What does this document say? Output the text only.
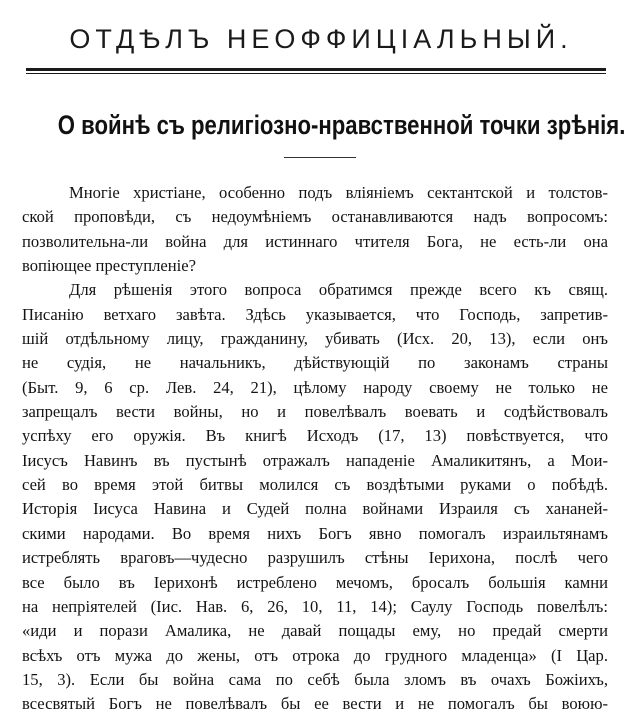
ОТДѢЛЪ НЕОФФИЦІАЛЬНЫЙ.
О войнѣ съ религіозно-нравственной точки зрѣнія.
Многіе христіане, особенно подъ вліяніемъ сектантской и толстов-
ской проповѣди, съ недоумѣніемъ останавливаются надъ вопросомъ:
позволительна-ли война для истиннаго чтителя Бога, не есть-ли она
вопіющее преступленіе?
Для рѣшенія этого вопроса обратимся прежде всего къ свящ.
Писанію ветхаго завѣта. Здѣсь указывается, что Господь, запретив-
шій отдѣльному лицу, гражданину, убивать (Исх. 20, 13), если онъ
не судія, не начальникъ, дѣйствующій по законамъ страны
(Быт. 9, 6 ср. Лев. 24, 21), цѣлому народу своему не только не
запрещалъ вести войны, но и повелѣвалъ воевать и содѣйствовалъ
успѣху его оружія. Въ книгѣ Исходъ (17, 13) повѣствуется, что
Іисусъ Навинъ въ пустынѣ отражалъ нападеніе Амаликитянъ, а Мои-
сей во время этой битвы молился съ воздѣтыми руками о побѣдѣ.
Исторія Іисуса Навина и Судей полна войнами Израиля съ хананей-
скими народами. Во время нихъ Богъ явно помогалъ израильтянамъ
истреблять враговъ—чудесно разрушилъ стѣны Іерихона, послѣ чего
все было въ Іерихонѣ истреблено мечомъ, бросалъ большія камни
на непріятелей (Іис. Нав. 6, 26, 10, 11, 14); Саулу Господь повелѣлъ:
«иди и порази Амалика, не давай пощады ему, но предай смерти
всѣхъ отъ мужа до жены, отъ отрока до грудного младенца» (I Цар.
15, 3). Если бы война сама по себѣ была зломъ въ очахъ Божіихъ,
всесвятый Богъ не повелѣвалъ бы ее вести и не помогалъ бы воюю-
